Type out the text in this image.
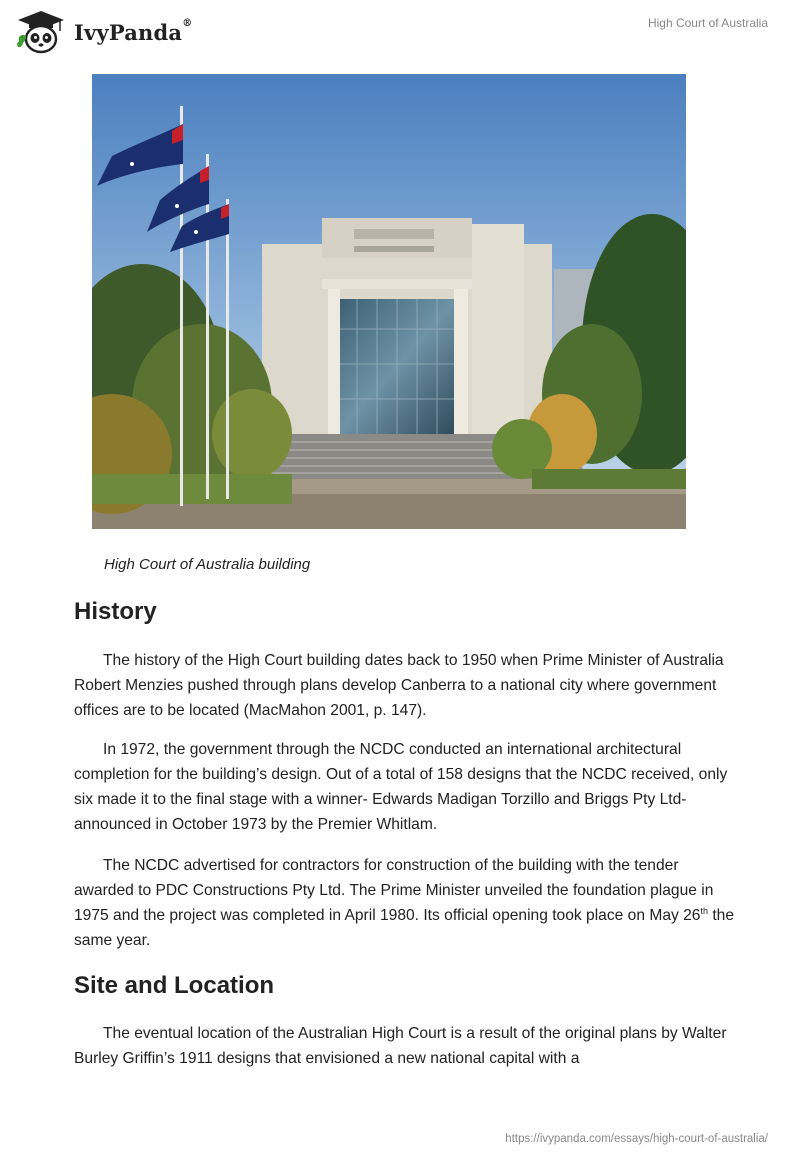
IvyPanda®	High Court of Australia
High Court of Australia building
History

The history of the High Court building dates back to 1950 when Prime Minister of Australia Robert Menzies pushed through plans develop Canberra to a national city where government offices are to be located (MacMahon 2001, p. 147).

In 1972, the government through the NCDC conducted an international architectural completion for the building’s design. Out of a total of 158 designs that the NCDC received, only six made it to the final stage with a winner- Edwards Madigan Torzillo and Briggs Pty Ltd- announced in October 1973 by the Premier Whitlam.

The NCDC advertised for contractors for construction of the building with the tender awarded to PDC Constructions Pty Ltd. The Prime Minister unveiled the foundation plague in 1975 and the project was completed in April 1980. Its official opening took place on May 26th the same year.

Site and Location

The eventual location of the Australian High Court is a result of the original plans by Walter Burley Griffin’s 1911 designs that envisioned a new national capital with a

https://ivypanda.com/essays/high-court-of-australia/
